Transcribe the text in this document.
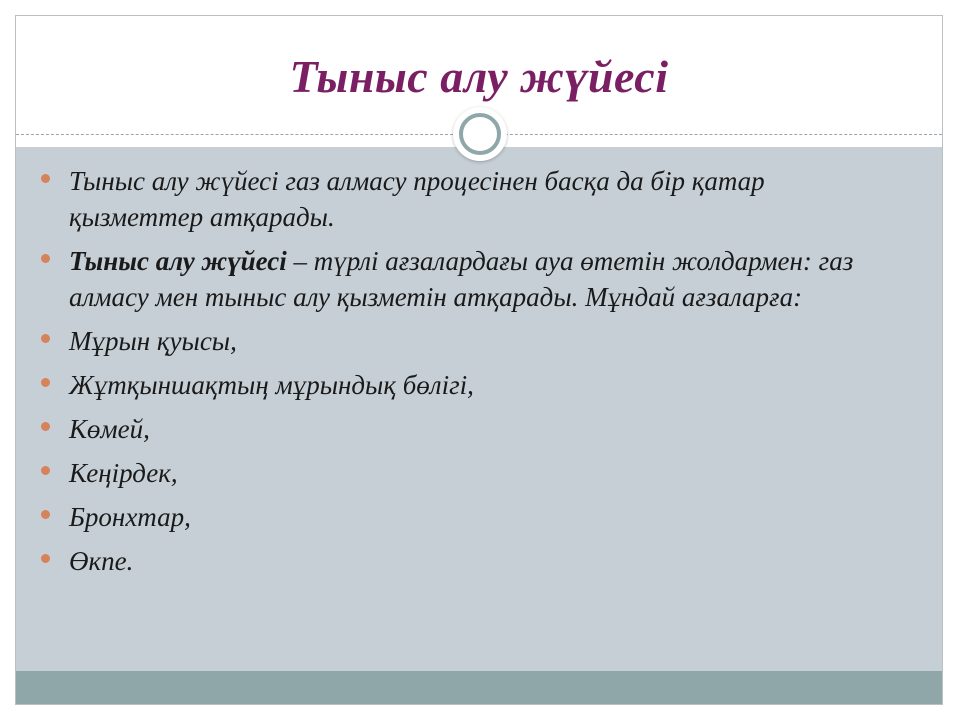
Тыныс алу жүйесі
Тыныс алу жүйесі газ алмасу процесінен басқа да бір қатар қызметтер атқарады.
Тыныс алу жүйесі – түрлі ағзалардағы ауа өтетін жолдармен: газ алмасу мен тыныс алу қызметін атқарады. Мұндай ағзаларға:
Мұрын қуысы,
Жұтқыншақтың мұрындық бөлігі,
Көмей,
Кеңірдек,
Бронхтар,
Өкпе.
